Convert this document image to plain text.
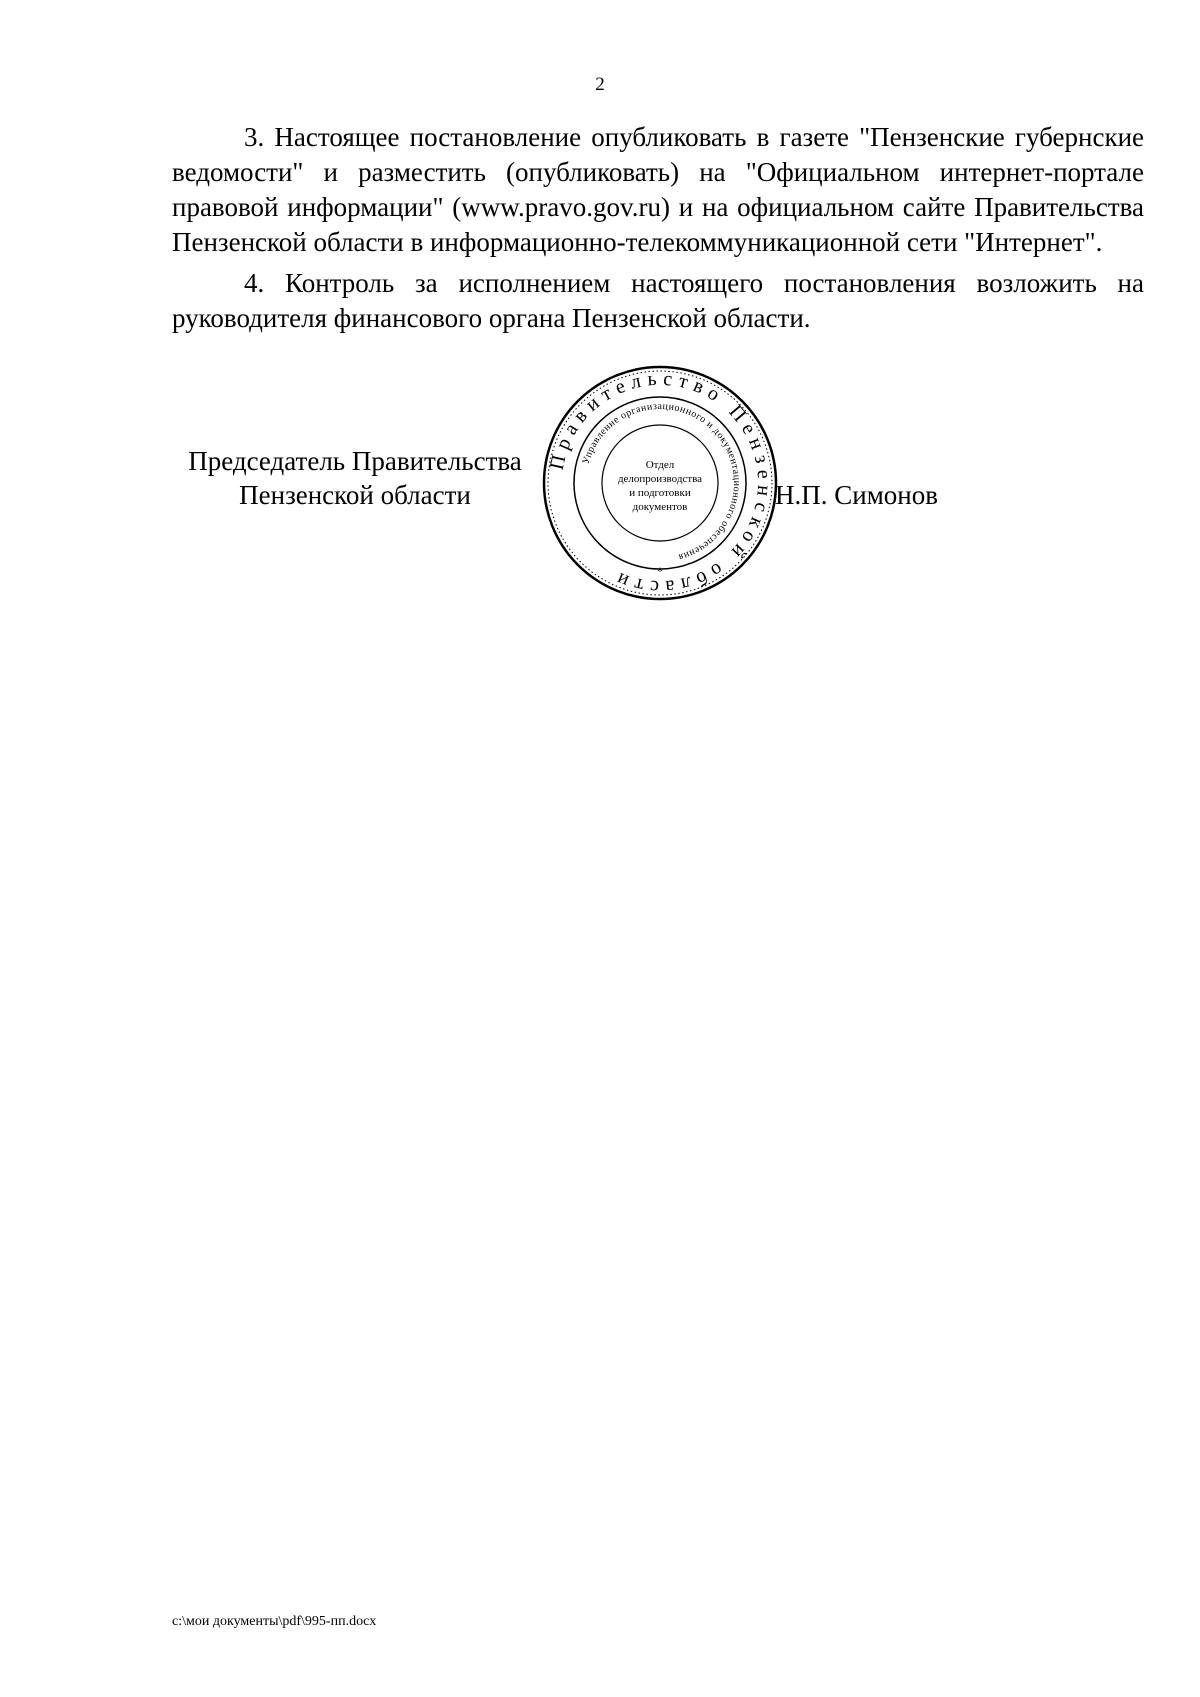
2

3. Настоящее постановление опубликовать в газете "Пензенские губернские ведомости" и разместить (опубликовать) на "Официальном интернет-портале правовой информации" (www.pravo.gov.ru) и на официальном сайте Правительства Пензенской области в информационно-телекоммуникационной сети "Интернет".

4. Контроль за исполнением настоящего постановления возложить на руководителя финансового органа Пензенской области.

Председатель Правительства
Пензенской области	Н.П. Симонов
Правительство Пензенской области
Управление организационного и документационного обеспечения
Отдел
делопроизводства
и подготовки
документов
*
c:\мои документы\pdf\995-пп.docx
